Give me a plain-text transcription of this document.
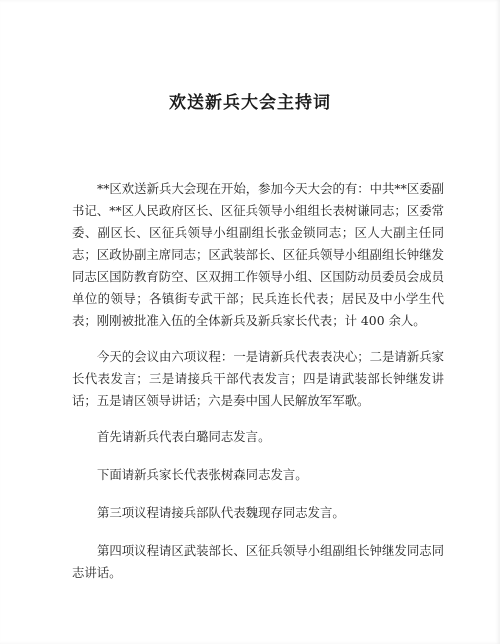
欢送新兵大会主持词

**区欢送新兵大会现在开始，参加今天大会的有：中共**区委副书记、**区人民政府区长、区征兵领导小组组长表树谦同志；区委常委、副区长、区征兵领导小组副组长张金锁同志；区人大副主任同志；区政协副主席同志；区武装部长、区征兵领导小组副组长钟继发同志区国防教育防空、区双拥工作领导小组、区国防动员委员会成员单位的领导；各镇街专武干部；民兵连长代表；居民及中小学生代表；刚刚被批准入伍的全体新兵及新兵家长代表；计 400 余人。

今天的会议由六项议程：一是请新兵代表表决心；二是请新兵家长代表发言；三是请接兵干部代表发言；四是请武装部长钟继发讲话；五是请区领导讲话；六是奏中国人民解放军军歌。

首先请新兵代表白璐同志发言。

下面请新兵家长代表张树森同志发言。

第三项议程请接兵部队代表魏现存同志发言。

第四项议程请区武装部长、区征兵领导小组副组长钟继发同志同志讲话。
